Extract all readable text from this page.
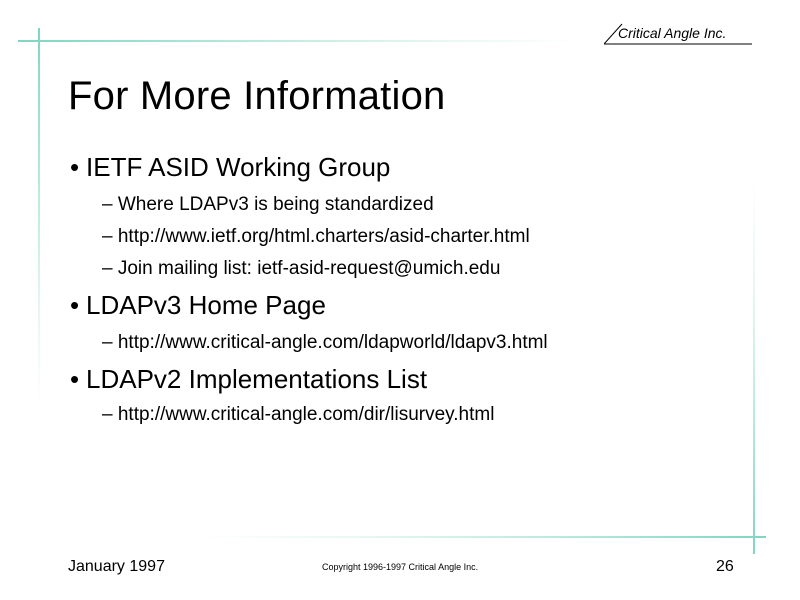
Critical Angle Inc.
For More Information
• IETF ASID Working Group
– Where LDAPv3 is being standardized
– http://www.ietf.org/html.charters/asid-charter.html
– Join mailing list: ietf-asid-request@umich.edu
• LDAPv3 Home Page
– http://www.critical-angle.com/ldapworld/ldapv3.html
• LDAPv2 Implementations List
– http://www.critical-angle.com/dir/lisurvey.html
January 1997	Copyright 1996-1997 Critical Angle Inc.	26
